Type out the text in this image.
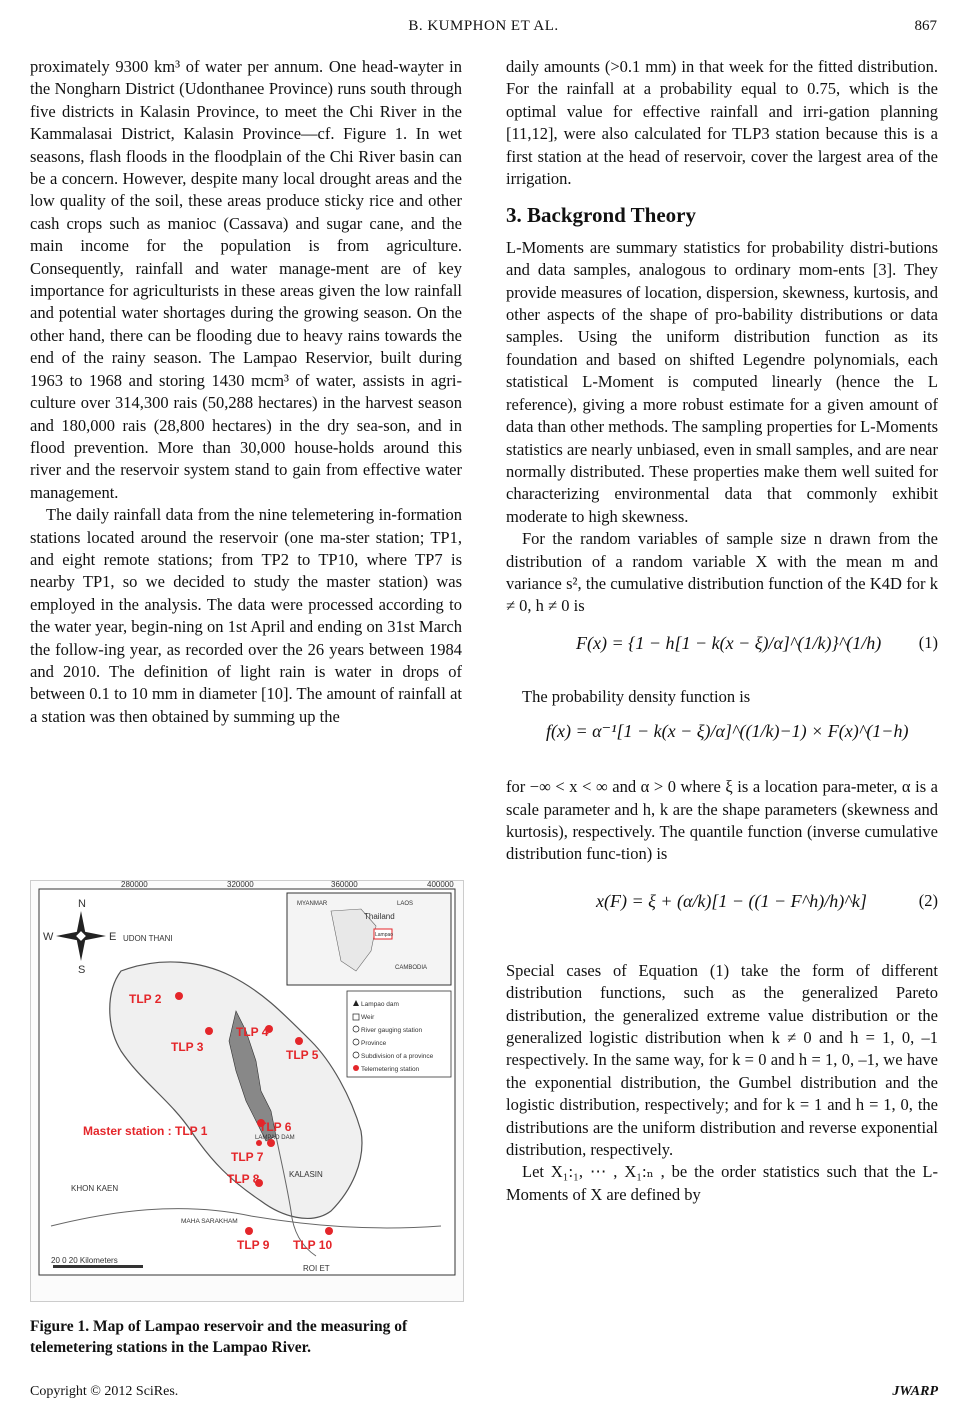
B. KUMPHON ET AL.	867

proximately 9300 km³ of water per annum. One head-wayter in the Nongharn District (Udonthanee Province) runs south through five districts in Kalasin Province, to meet the Chi River in the Kammalasai District, Kalasin Province—cf. Figure 1. In wet seasons, flash floods in the floodplain of the Chi River basin can be a concern. However, despite many local drought areas and the low quality of the soil, these areas produce sticky rice and other cash crops such as manioc (Cassava) and sugar cane, and the main income for the population is from agriculture. Consequently, rainfall and water manage-ment are of key importance for agriculturists in these areas given the low rainfall and potential water shortages during the growing season. On the other hand, there can be flooding due to heavy rains towards the end of the rainy season. The Lampao Reservior, built during 1963 to 1968 and storing 1430 mcm³ of water, assists in agri-culture over 314,300 rais (50,288 hectares) in the harvest season and 180,000 rais (28,800 hectares) in the dry sea-son, and in flood prevention. More than 30,000 house-holds around this river and the reservoir system stand to gain from effective water management.

The daily rainfall data from the nine telemetering in-formation stations located around the reservoir (one ma-ster station; TP1, and eight remote stations; from TP2 to TP10, where TP7 is nearby TP1, so we decided to study the master station) was employed in the analysis. The data were processed according to the water year, begin-ning on 1st April and ending on 31st March the follow-ing year, as recorded over the 26 years between 1984 and 2010. The definition of light rain is water in drops of between 0.1 to 10 mm in diameter [10]. The amount of rainfall at a station was then obtained by summing up the

280000	320000	360000	400000
N
S
E
W	UDON THANI
MYANMAR	LAOS
Thailand
Lampao
CAMBODIA
Lampao dam
Weir
River gauging station
Province
Subdivision of a province
Telemetering station
TLP 2
TLP 3
TLP 4
TLP 5
Master station : TLP 1	TLP 6
TLP 7
TLP 8
TLP 9 TLP 10
LAMPAO DAM
KHON KAEN
KALASIN
MAHA SARAKHAM
ROI ET
20 0 20 Kilometers
Figure 1. Map of Lampao reservoir and the measuring of telemetering stations in the Lampao River.

daily amounts (>0.1 mm) in that week for the fitted distribution. For the rainfall at a probability equal to 0.75, which is the optimal value for effective rainfall and irri-gation planning [11,12], were also calculated for TLP3 station because this is a first station at the head of reservoir, cover the largest area of the irrigation.

3. Backgrond Theory

L-Moments are summary statistics for probability distri-butions and data samples, analogous to ordinary mom-ents [3]. They provide measures of location, dispersion, skewness, kurtosis, and other aspects of the shape of pro-bability distributions or data samples. Using the uniform distribution function as its foundation and based on shifted Legendre polynomials, each statistical L-Moment is computed linearly (hence the L reference), giving a more robust estimate for a given amount of data than other methods. The sampling properties for L-Moments statistics are nearly unbiased, even in small samples, and are near normally distributed. These properties make them well suited for characterizing environmental data that commonly exhibit moderate to high skewness.

For the random variables of sample size n drawn from the distribution of a random variable X with the mean m and variance s², the cumulative distribution function of the K4D for k ≠ 0, h ≠ 0 is

F(x) = {1 − h[1 − k(x − ξ)/α]^(1/k)}^(1/h) (1)

The probability density function is

f(x) = α⁻¹[1 − k(x − ξ)/α]^((1/k)−1) × F(x)^(1−h)

for −∞ < x < ∞ and α > 0 where ξ is a location para-meter, α is a scale parameter and h, k are the shape parameters (skewness and kurtosis), respectively. The quantile function (inverse cumulative distribution func-tion) is

x(F) = ξ + (α/k)[1 − ((1 − F^h)/h)^k]	(2)

Special cases of Equation (1) take the form of different distribution functions, such as the generalized Pareto distribution, the generalized extreme value distribution or the generalized logistic distribution when k ≠ 0 and h = 1, 0, –1 respectively. In the same way, for k = 0 and h = 1, 0, –1, we have the exponential distribution, the Gumbel distribution and the logistic distribution, respectively; and for k = 1 and h = 1, 0, the distributions are the uniform distribution and reverse exponential distribution, respectively.

Let X₁:₁, ⋯ , X₁:ₙ , be the order statistics such that the L-Moments of X are defined by

Copyright © 2012 SciRes.	JWARP
